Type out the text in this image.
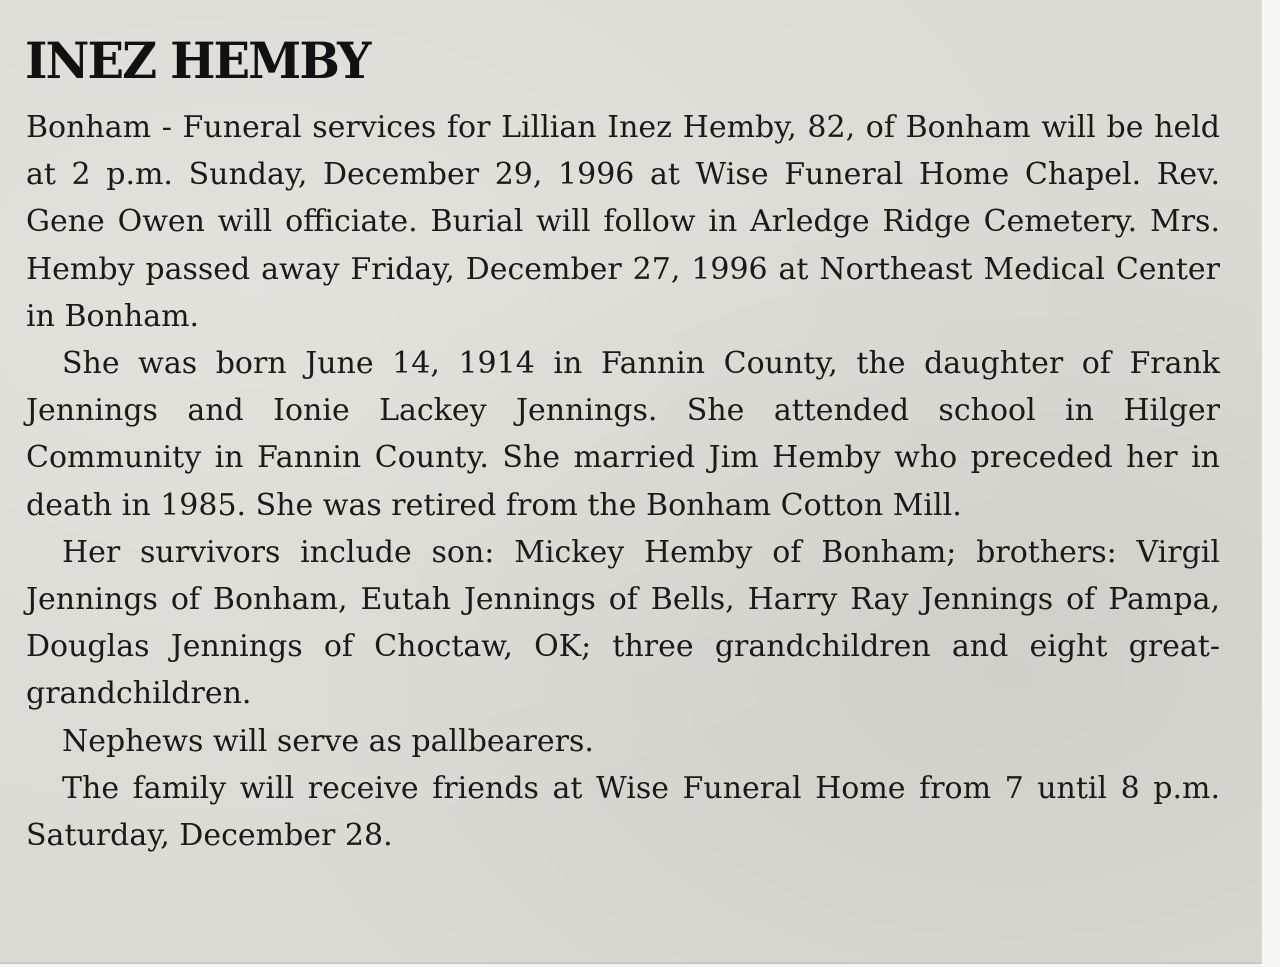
INEZ HEMBY

Bonham - Funeral services for Lillian Inez Hemby, 82, of Bonham will be held at 2 p.m. Sunday, December 29, 1996 at Wise Funeral Home Chapel. Rev. Gene Owen will officiate. Burial will follow in Arledge Ridge Cemetery. Mrs. Hemby passed away Friday, December 27, 1996 at Northeast Medical Center in Bonham.

She was born June 14, 1914 in Fannin County, the daughter of Frank Jennings and Ionie Lackey Jennings. She attended school in Hilger Community in Fannin County. She married Jim Hemby who preceded her in death in 1985. She was retired from the Bonham Cotton Mill.

Her survivors include son: Mickey Hemby of Bonham; brothers: Virgil Jennings of Bonham, Eutah Jennings of Bells, Harry Ray Jennings of Pampa, Douglas Jennings of Choctaw, OK; three grandchildren and eight great-grandchildren.

Nephews will serve as pallbearers.

The family will receive friends at Wise Funeral Home from 7 until 8 p.m. Saturday, December 28.
